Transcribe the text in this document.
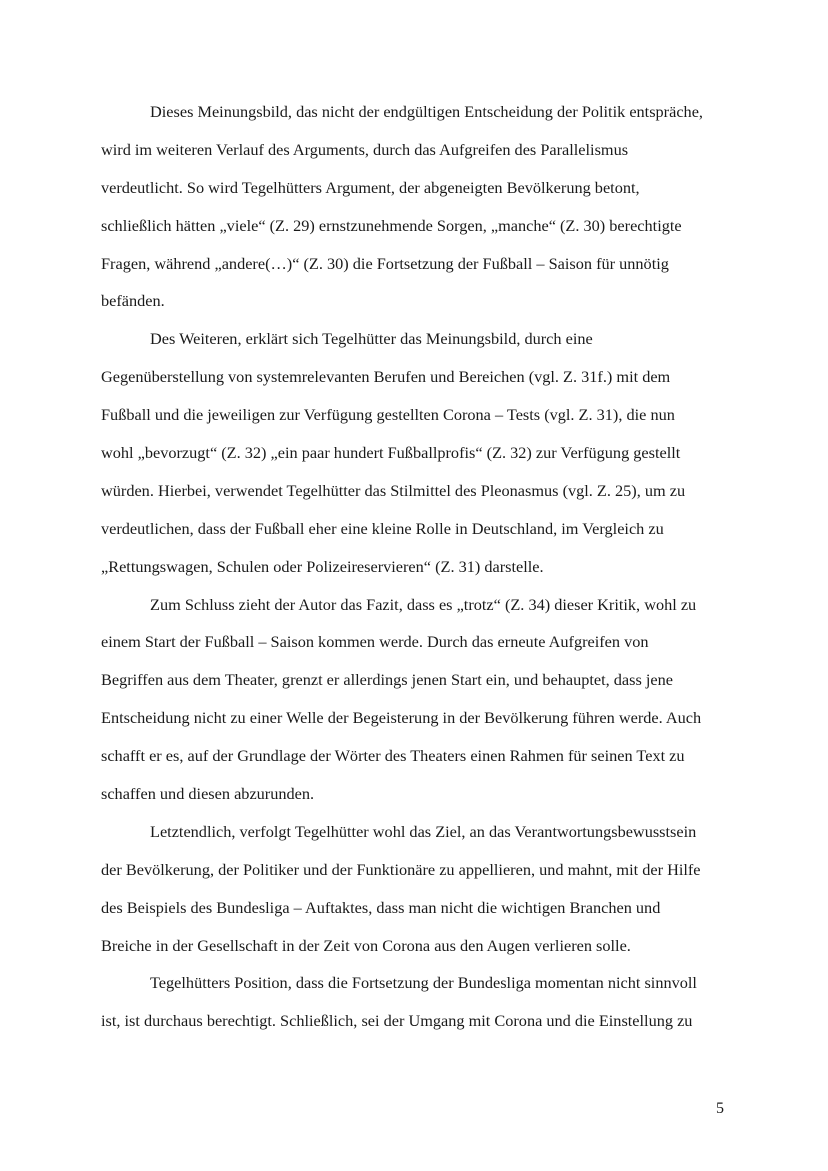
Dieses Meinungsbild, das nicht der endgültigen Entscheidung der Politik entspräche,
wird im weiteren Verlauf des Arguments, durch das Aufgreifen des Parallelismus
verdeutlicht. So wird Tegelhütters Argument, der abgeneigten Bevölkerung betont,
schließlich hätten „viele“ (Z. 29) ernstzunehmende Sorgen, „manche“ (Z. 30) berechtigte
Fragen, während „andere(…)“ (Z. 30) die Fortsetzung der Fußball – Saison für unnötig
befänden.
Des Weiteren, erklärt sich Tegelhütter das Meinungsbild, durch eine
Gegenüberstellung von systemrelevanten Berufen und Bereichen (vgl. Z. 31f.) mit dem
Fußball und die jeweiligen zur Verfügung gestellten Corona – Tests (vgl. Z. 31), die nun
wohl „bevorzugt“ (Z. 32) „ein paar hundert Fußballprofis“ (Z. 32) zur Verfügung gestellt
würden. Hierbei, verwendet Tegelhütter das Stilmittel des Pleonasmus (vgl. Z. 25), um zu
verdeutlichen, dass der Fußball eher eine kleine Rolle in Deutschland, im Vergleich zu
„Rettungswagen, Schulen oder Polizeireservieren“ (Z. 31) darstelle.
Zum Schluss zieht der Autor das Fazit, dass es „trotz“ (Z. 34) dieser Kritik, wohl zu
einem Start der Fußball – Saison kommen werde. Durch das erneute Aufgreifen von
Begriffen aus dem Theater, grenzt er allerdings jenen Start ein, und behauptet, dass jene
Entscheidung nicht zu einer Welle der Begeisterung in der Bevölkerung führen werde. Auch
schafft er es, auf der Grundlage der Wörter des Theaters einen Rahmen für seinen Text zu
schaffen und diesen abzurunden.
Letztendlich, verfolgt Tegelhütter wohl das Ziel, an das Verantwortungsbewusstsein
der Bevölkerung, der Politiker und der Funktionäre zu appellieren, und mahnt, mit der Hilfe
des Beispiels des Bundesliga – Auftaktes, dass man nicht die wichtigen Branchen und
Breiche in der Gesellschaft in der Zeit von Corona aus den Augen verlieren solle.
Tegelhütters Position, dass die Fortsetzung der Bundesliga momentan nicht sinnvoll
ist, ist durchaus berechtigt. Schließlich, sei der Umgang mit Corona und die Einstellung zu
5
